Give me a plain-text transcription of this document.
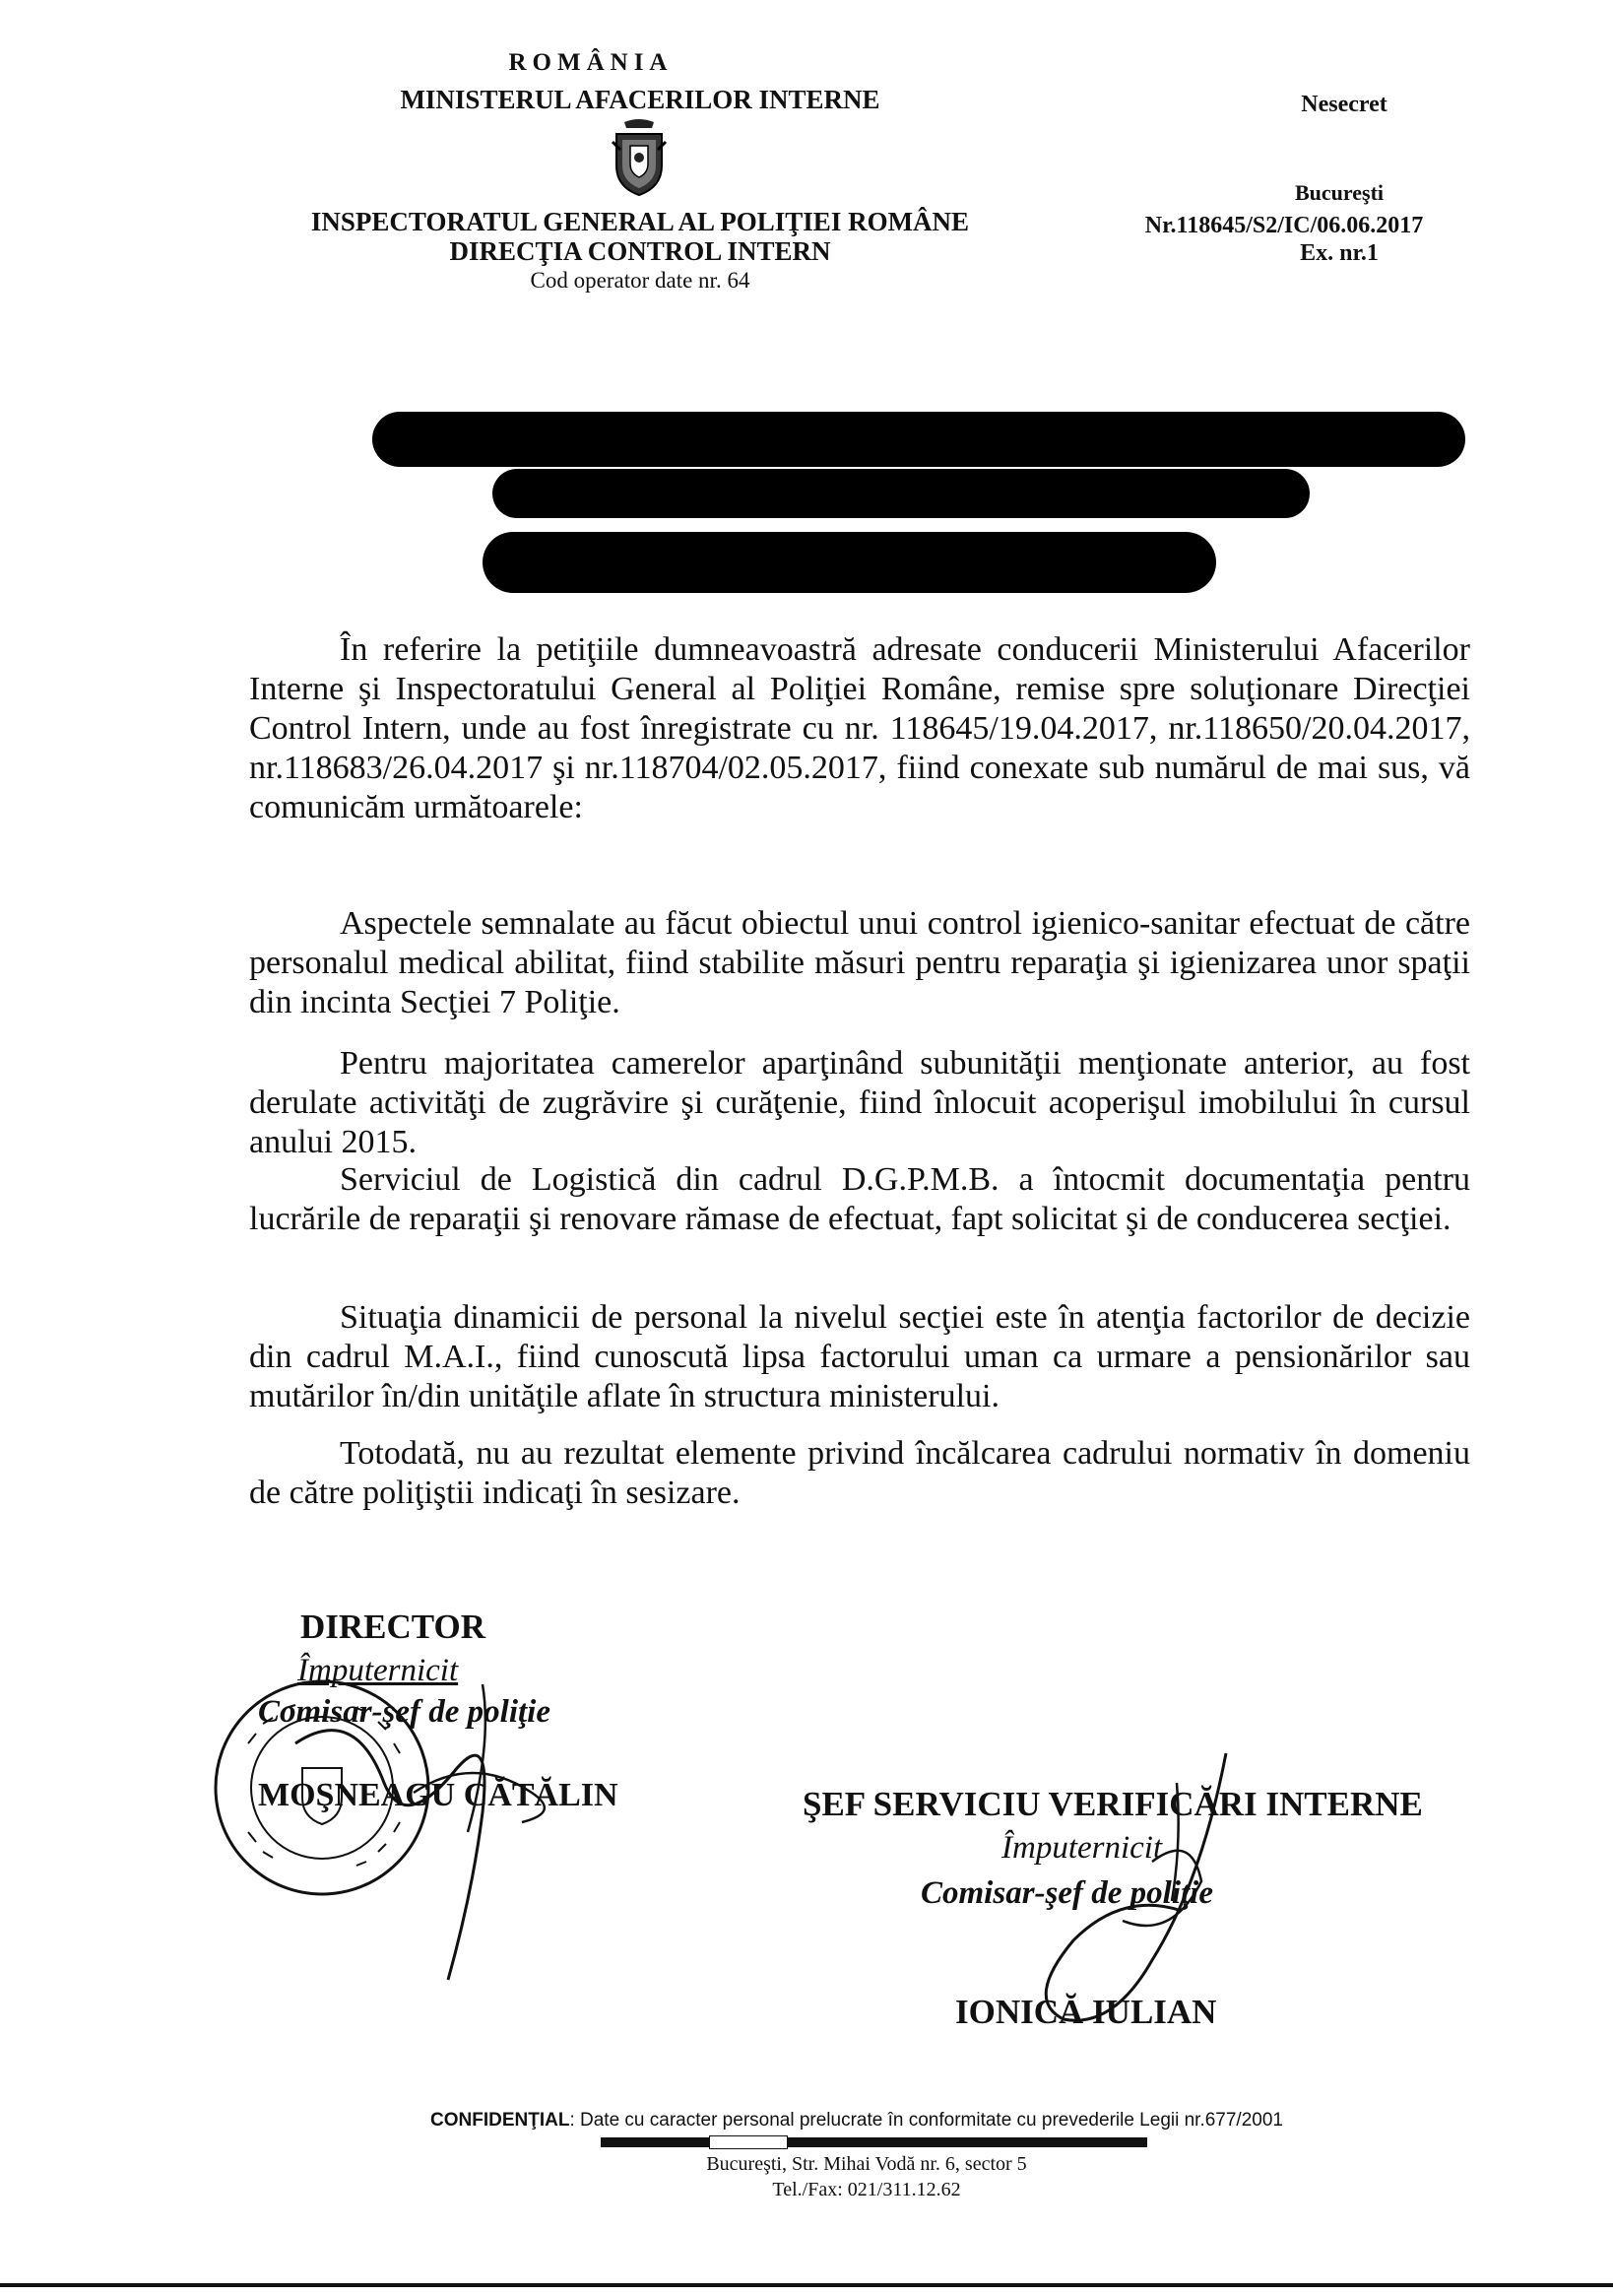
ROMÂNIA
MINISTERUL AFACERILOR INTERNE
INSPECTORATUL GENERAL AL POLIŢIEI ROMÂNE
DIRECŢIA CONTROL INTERN
Cod operator date nr. 64
Nesecret
Bucureşti
Nr.118645/S2/IC/06.06.2017
Ex. nr.1
În referire la petiţiile dumneavoastră adresate conducerii Ministerului Afacerilor Interne şi Inspectoratului General al Poliţiei Române, remise spre soluţionare Direcţiei Control Intern, unde au fost înregistrate cu nr. 118645/19.04.2017, nr.118650/20.04.2017, nr.118683/26.04.2017 şi nr.118704/02.05.2017, fiind conexate sub numărul de mai sus, vă comunicăm următoarele:
Aspectele semnalate au făcut obiectul unui control igienico-sanitar efectuat de către personalul medical abilitat, fiind stabilite măsuri pentru reparaţia şi igienizarea unor spaţii din incinta Secţiei 7 Poliţie.
Pentru majoritatea camerelor aparţinând subunităţii menţionate anterior, au fost derulate activităţi de zugrăvire şi curăţenie, fiind înlocuit acoperişul imobilului în cursul anului 2015.
Serviciul de Logistică din cadrul D.G.P.M.B. a întocmit documentaţia pentru lucrările de reparaţii şi renovare rămase de efectuat, fapt solicitat şi de conducerea secţiei.
Situaţia dinamicii de personal la nivelul secţiei este în atenţia factorilor de decizie din cadrul M.A.I., fiind cunoscută lipsa factorului uman ca urmare a pensionărilor sau mutărilor în/din unităţile aflate în structura ministerului.
Totodată, nu au rezultat elemente privind încălcarea cadrului normativ în domeniu de către poliţiştii indicaţi în sesizare.
DIRECTOR
Împuternicit
Comisar-şef de poliţie
MOŞNEAGU CĂTĂLIN	ŞEF SERVICIU VERIFICĂRI INTERNE
Împuternicit
Comisar-şef de poliţie
IONICĂ IULIAN
CONFIDENŢIAL: Date cu caracter personal prelucrate în conformitate cu prevederile Legii nr.677/2001
Bucureşti, Str. Mihai Vodă nr. 6, sector 5
Tel./Fax: 021/311.12.62
